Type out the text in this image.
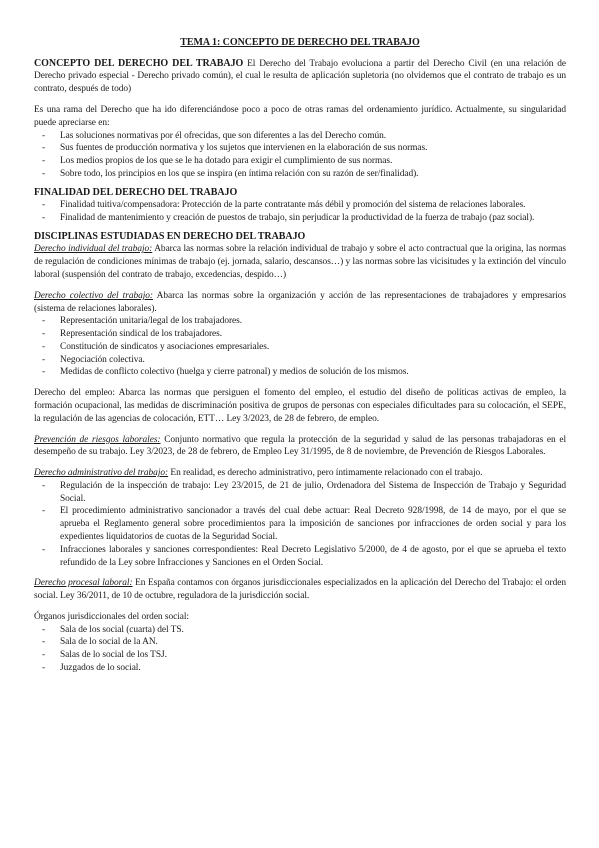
TEMA 1: CONCEPTO DE DERECHO DEL TRABAJO

CONCEPTO DEL DERECHO DEL TRABAJO El Derecho del Trabajo evoluciona a partir del Derecho Civil (en una relación de Derecho privado especial - Derecho privado común), el cual le resulta de aplicación supletoria (no olvidemos que el contrato de trabajo es un contrato, después de todo)

Es una rama del Derecho que ha ido diferenciándose poco a poco de otras ramas del ordenamiento jurídico. Actualmente, su singularidad puede apreciarse en:

- Las soluciones normativas por él ofrecidas, que son diferentes a las del Derecho común.
- Sus fuentes de producción normativa y los sujetos que intervienen en la elaboración de sus normas.
- Los medios propios de los que se le ha dotado para exigir el cumplimiento de sus normas.
- Sobre todo, los principios en los que se inspira (en íntima relación con su razón de ser/finalidad).
FINALIDAD DEL DERECHO DEL TRABAJO
- Finalidad tuitiva/compensadora: Protección de la parte contratante más débil y promoción del sistema de relaciones laborales.
- Finalidad de mantenimiento y creación de puestos de trabajo, sin perjudicar la productividad de la fuerza de trabajo (paz social).
DISCIPLINAS ESTUDIADAS EN DERECHO DEL TRABAJO

Derecho individual del trabajo: Abarca las normas sobre la relación individual de trabajo y sobre el acto contractual que la origina, las normas de regulación de condiciones mínimas de trabajo (ej. jornada, salario, descansos…) y las normas sobre las vicisitudes y la extinción del vínculo laboral (suspensión del contrato de trabajo, excedencias, despido…)

Derecho colectivo del trabajo: Abarca las normas sobre la organización y acción de las representaciones de trabajadores y empresarios (sistema de relaciones laborales).

- Representación unitaria/legal de los trabajadores.
- Representación sindical de los trabajadores.
- Constitución de sindicatos y asociaciones empresariales.
- Negociación colectiva.
- Medidas de conflicto colectivo (huelga y cierre patronal) y medios de solución de los mismos.

Derecho del empleo: Abarca las normas que persiguen el fomento del empleo, el estudio del diseño de políticas activas de empleo, la formación ocupacional, las medidas de discriminación positiva de grupos de personas con especiales dificultades para su colocación, el SEPE, la regulación de las agencias de colocación, ETT… Ley 3/2023, de 28 de febrero, de empleo.

Prevención de riesgos laborales: Conjunto normativo que regula la protección de la seguridad y salud de las personas trabajadoras en el desempeño de su trabajo. Ley 3/2023, de 28 de febrero, de Empleo Ley 31/1995, de 8 de noviembre, de Prevención de Riesgos Laborales.

Derecho administrativo del trabajo: En realidad, es derecho administrativo, pero íntimamente relacionado con el trabajo.

- Regulación de la inspección de trabajo: Ley 23/2015, de 21 de julio, Ordenadora del Sistema de Inspección de Trabajo y Seguridad Social.
- El procedimiento administrativo sancionador a través del cual debe actuar: Real Decreto 928/1998, de 14 de mayo, por el que se aprueba el Reglamento general sobre procedimientos para la imposición de sanciones por infracciones de orden social y para los expedientes liquidatorios de cuotas de la Seguridad Social.
- Infracciones laborales y sanciones correspondientes: Real Decreto Legislativo 5/2000, de 4 de agosto, por el que se aprueba el texto refundido de la Ley sobre Infracciones y Sanciones en el Orden Social.

Derecho procesal laboral: En España contamos con órganos jurisdiccionales especializados en la aplicación del Derecho del Trabajo: el orden social. Ley 36/2011, de 10 de octubre, reguladora de la jurisdicción social.

Órganos jurisdiccionales del orden social:

- Sala de los social (cuarta) del TS.
- Sala de lo social de la AN.
- Salas de lo social de los TSJ.
- Juzgados de lo social.
